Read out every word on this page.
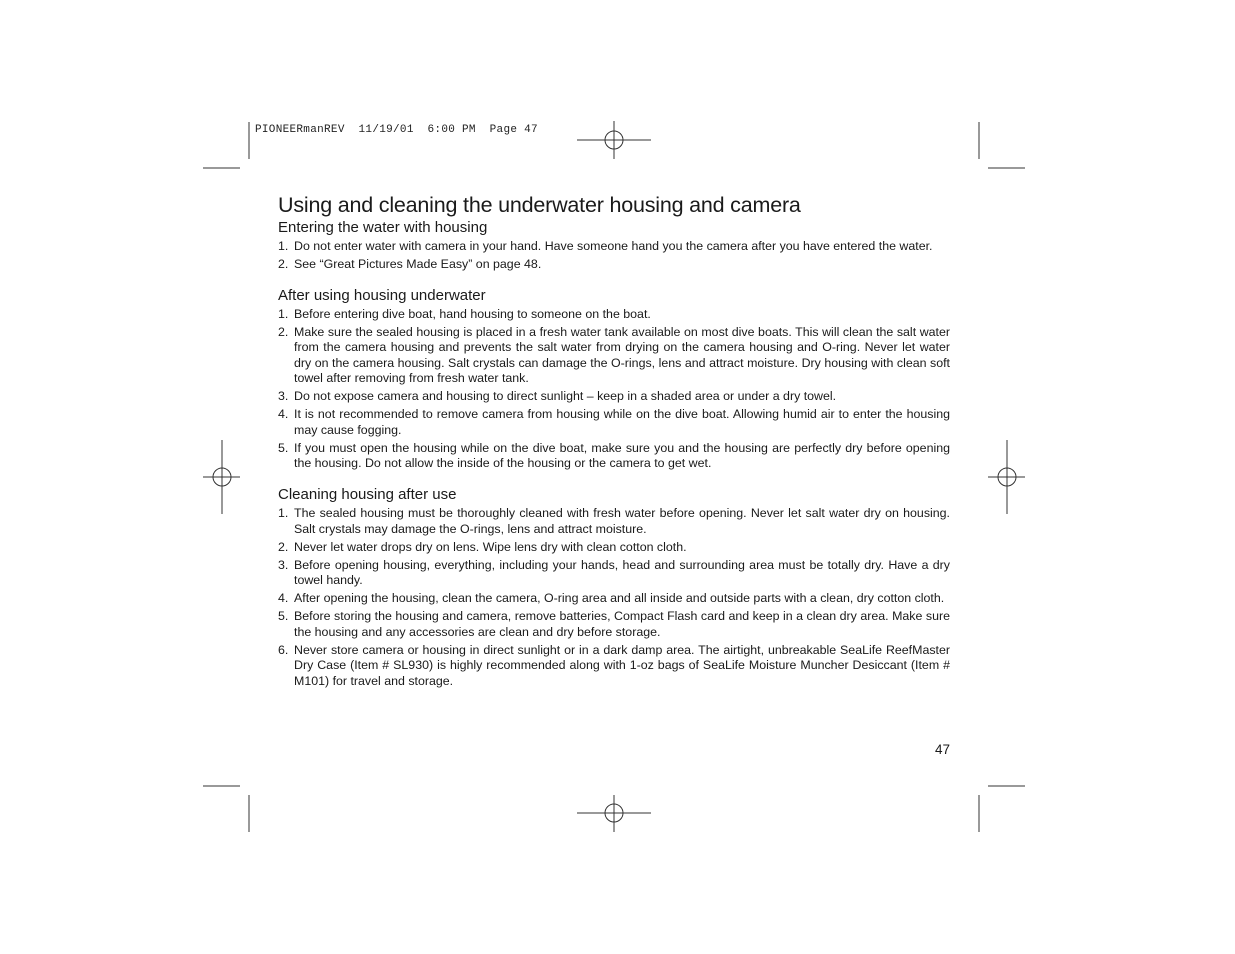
PIONEERmanREV  11/19/01  6:00 PM  Page 47
Using and cleaning the underwater housing and camera
Entering the water with housing
1. Do not enter water with camera in your hand. Have someone hand you the camera after you have entered the water.
2. See “Great Pictures Made Easy” on page 48.
After using housing underwater
1. Before entering dive boat, hand housing to someone on the boat.
2. Make sure the sealed housing is placed in a fresh water tank available on most dive boats. This will clean the salt water from the camera housing and prevents the salt water from drying on the camera housing and O-ring. Never let water dry on the camera housing. Salt crystals can damage the O-rings, lens and attract moisture. Dry housing with clean soft towel after removing from fresh water tank.
3. Do not expose camera and housing to direct sunlight – keep in a shaded area or under a dry towel.
4. It is not recommended to remove camera from housing while on the dive boat. Allowing humid air to enter the housing may cause fogging.
5. If you must open the housing while on the dive boat, make sure you and the housing are perfectly dry before opening the housing. Do not allow the inside of the housing or the camera to get wet.
Cleaning housing after use
1. The sealed housing must be thoroughly cleaned with fresh water before opening. Never let salt water dry on housing. Salt crystals may damage the O-rings, lens and attract moisture.
2. Never let water drops dry on lens. Wipe lens dry with clean cotton cloth.
3. Before opening housing, everything, including your hands, head and surrounding area must be totally dry. Have a dry towel handy.
4. After opening the housing, clean the camera, O-ring area and all inside and outside parts with a clean, dry cotton cloth.
5. Before storing the housing and camera, remove batteries, Compact Flash card and keep in a clean dry area. Make sure the housing and any accessories are clean and dry before storage.
6. Never store camera or housing in direct sunlight or in a dark damp area. The airtight, unbreakable SeaLife ReefMaster Dry Case (Item # SL930) is highly recommended along with 1-oz bags of SeaLife Moisture Muncher Desiccant (Item # M101) for travel and storage.
47
